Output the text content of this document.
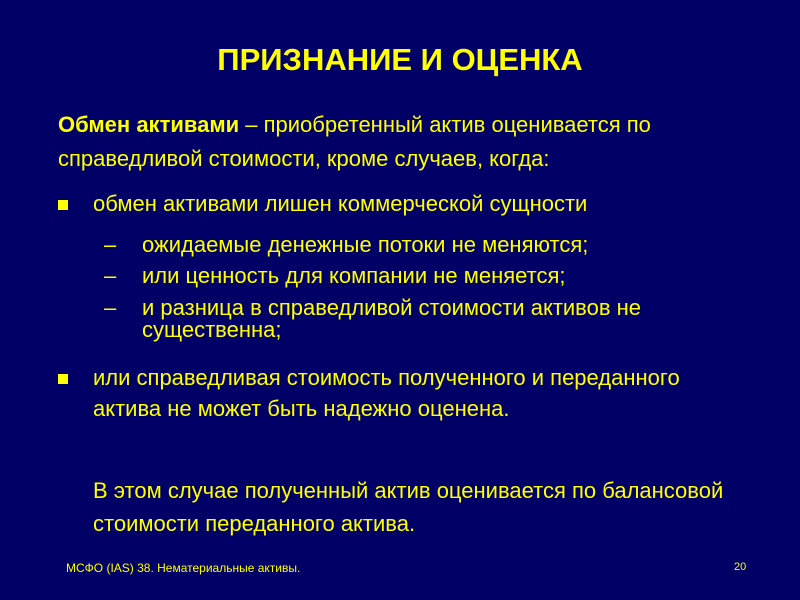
ПРИЗНАНИЕ И ОЦЕНКА
Обмен активами – приобретенный актив оценивается по справедливой стоимости, кроме случаев, когда:
обмен активами лишен коммерческой сущности
– ожидаемые денежные потоки не меняются;
– или ценность для компании не меняется;
– и разница в справедливой стоимости активов не существенна;
или справедливая стоимость полученного и переданного актива не может быть надежно оценена.
В этом случае полученный актив оценивается по балансовой стоимости переданного актива.
МСФО (IAS) 38. Нематериальные активы.	20
